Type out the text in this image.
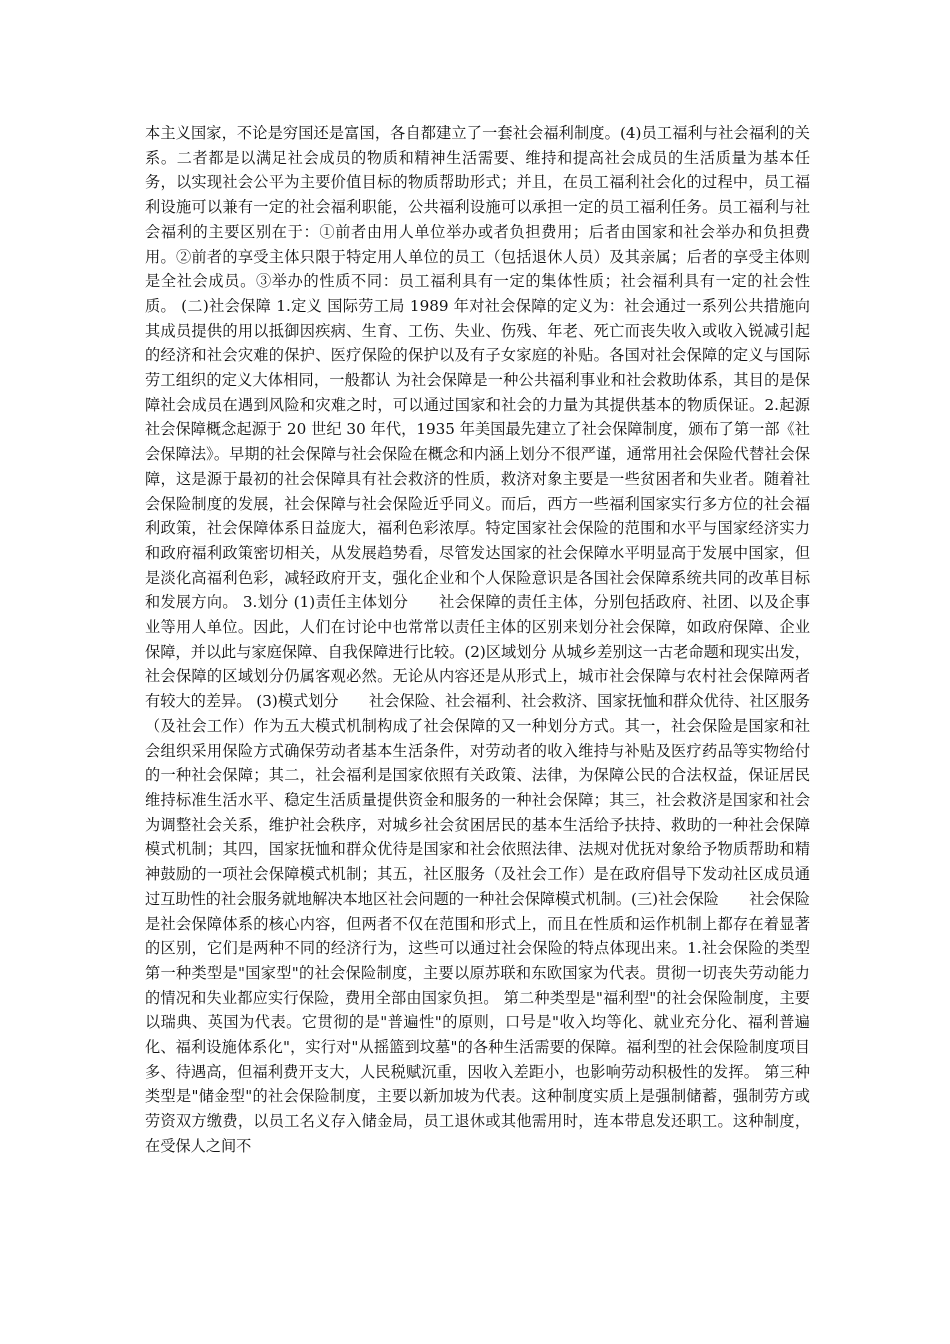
本主义国家，不论是穷国还是富国，各自都建立了一套社会福利制度。(4)员工福利与社会福利的关系。二者都是以满足社会成员的物质和精神生活需要、维持和提高社会成员的生活质量为基本任务，以实现社会公平为主要价值目标的物质帮助形式；并且，在员工福利社会化的过程中，员工福利设施可以兼有一定的社会福利职能，公共福利设施可以承担一定的员工福利任务。员工福利与社会福利的主要区别在于：①前者由用人单位举办或者负担费用；后者由国家和社会举办和负担费用。②前者的享受主体只限于特定用人单位的员工（包括退休人员）及其亲属；后者的享受主体则是全社会成员。③举办的性质不同：员工福利具有一定的集体性质；社会福利具有一定的社会性质。 (二)社会保障 1.定义 国际劳工局 1989 年对社会保障的定义为：社会通过一系列公共措施向其成员提供的用以抵御因疾病、生育、工伤、失业、伤残、年老、死亡而丧失收入或收入锐减引起的经济和社会灾难的保护、医疗保险的保护以及有子女家庭的补贴。各国对社会保障的定义与国际劳工组织的定义大体相同，一般都认 为社会保障是一种公共福利事业和社会救助体系，其目的是保障社会成员在遇到风险和灾难之时，可以通过国家和社会的力量为其提供基本的物质保证。2.起源　　社会保障概念起源于 20 世纪 30 年代，1935 年美国最先建立了社会保障制度，颁布了第一部《社会保障法》。早期的社会保障与社会保险在概念和内涵上划分不很严谨，通常用社会保险代替社会保障，这是源于最初的社会保障具有社会救济的性质，救济对象主要是一些贫困者和失业者。随着社会保险制度的发展，社会保障与社会保险近乎同义。而后，西方一些福利国家实行多方位的社会福利政策，社会保障体系日益庞大，福利色彩浓厚。特定国家社会保险的范围和水平与国家经济实力和政府福利政策密切相关，从发展趋势看，尽管发达国家的社会保障水平明显高于发展中国家，但是淡化高福利色彩，减轻政府开支，强化企业和个人保险意识是各国社会保障系统共同的改革目标和发展方向。 3.划分 (1)责任主体划分　　社会保障的责任主体，分别包括政府、社团、以及企事业等用人单位。因此，人们在讨论中也常常以责任主体的区别来划分社会保障，如政府保障、企业保障，并以此与家庭保障、自我保障进行比较。(2)区域划分 从城乡差别这一古老命题和现实出发，社会保障的区域划分仍属客观必然。无论从内容还是从形式上，城市社会保障与农村社会保障两者有较大的差异。 (3)模式划分　　社会保险、社会福利、社会救济、国家抚恤和群众优待、社区服务（及社会工作）作为五大模式机制构成了社会保障的又一种划分方式。其一，社会保险是国家和社会组织采用保险方式确保劳动者基本生活条件，对劳动者的收入维持与补贴及医疗药品等实物给付的一种社会保障；其二，社会福利是国家依照有关政策、法律，为保障公民的合法权益，保证居民维持标准生活水平、稳定生活质量提供资金和服务的一种社会保障；其三，社会救济是国家和社会为调整社会关系，维护社会秩序，对城乡社会贫困居民的基本生活给予扶持、救助的一种社会保障模式机制；其四，国家抚恤和群众优待是国家和社会依照法律、法规对优抚对象给予物质帮助和精神鼓励的一项社会保障模式机制；其五，社区服务（及社会工作）是在政府倡导下发动社区成员通过互助性的社会服务就地解决本地区社会问题的一种社会保障模式机制。(三)社会保险　　社会保险是社会保障体系的核心内容，但两者不仅在范围和形式上，而且在性质和运作机制上都存在着显著的区别，它们是两种不同的经济行为，这些可以通过社会保险的特点体现出来。1.社会保险的类型　　第一种类型是"国家型"的社会保险制度，主要以原苏联和东欧国家为代表。贯彻一切丧失劳动能力的情况和失业都应实行保险，费用全部由国家负担。 第二种类型是"福利型"的社会保险制度，主要以瑞典、英国为代表。它贯彻的是"普遍性"的原则，口号是"收入均等化、就业充分化、福利普遍化、福利设施体系化"，实行对"从摇篮到坟墓"的各种生活需要的保障。福利型的社会保险制度项目多、待遇高，但福利费开支大，人民税赋沉重，因收入差距小，也影响劳动积极性的发挥。 第三种类型是"储金型"的社会保险制度，主要以新加坡为代表。这种制度实质上是强制储蓄，强制劳方或劳资双方缴费，以员工名义存入储金局，员工退休或其他需用时，连本带息发还职工。这种制度，在受保人之间不
